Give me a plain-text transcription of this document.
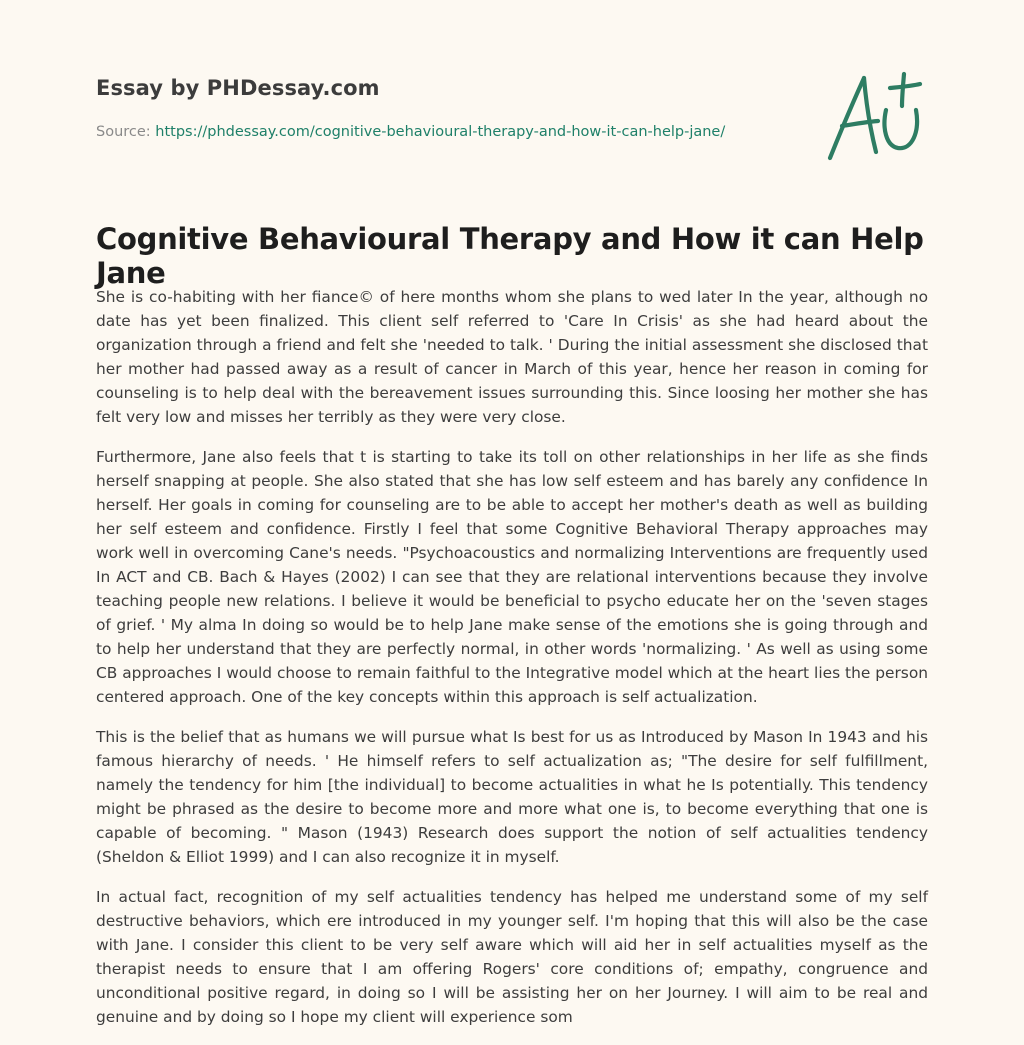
Essay by PHDessay.com
Source: https://phdessay.com/cognitive-behavioural-therapy-and-how-it-can-help-jane/
Cognitive Behavioural Therapy and How it can Help Jane

She is co-habiting with her fiance© of here months whom she plans to wed later In the year, although no date has yet been finalized. This client self referred to 'Care In Crisis' as she had heard about the organization through a friend and felt she 'needed to talk. ' During the initial assessment she disclosed that her mother had passed away as a result of cancer in March of this year, hence her reason in coming for counseling is to help deal with the bereavement issues surrounding this. Since loosing her mother she has felt very low and misses her terribly as they were very close.

Furthermore, Jane also feels that t is starting to take its toll on other relationships in her life as she finds herself snapping at people. She also stated that she has low self esteem and has barely any confidence In herself. Her goals in coming for counseling are to be able to accept her mother's death as well as building her self esteem and confidence. Firstly I feel that some Cognitive Behavioral Therapy approaches may work well in overcoming Cane's needs. "Psychoacoustics and normalizing Interventions are frequently used In ACT and CB. Bach & Hayes (2002) I can see that they are relational interventions because they involve teaching people new relations. I believe it would be beneficial to psycho educate her on the 'seven stages of grief. ' My alma In doing so would be to help Jane make sense of the emotions she is going through and to help her understand that they are perfectly normal, in other words 'normalizing. ' As well as using some CB approaches I would choose to remain faithful to the Integrative model which at the heart lies the person centered approach. One of the key concepts within this approach is self actualization.

This is the belief that as humans we will pursue what Is best for us as Introduced by Mason In 1943 and his famous hierarchy of needs. ' He himself refers to self actualization as; "The desire for self fulfillment, namely the tendency for him [the individual] to become actualities in what he Is potentially. This tendency might be phrased as the desire to become more and more what one is, to become everything that one is capable of becoming. " Mason (1943) Research does support the notion of self actualities tendency (Sheldon & Elliot 1999) and I can also recognize it in myself.

In actual fact, recognition of my self actualities tendency has helped me understand some of my self destructive behaviors, which ere introduced in my younger self. I'm hoping that this will also be the case with Jane. I consider this client to be very self aware which will aid her in self actualities myself as the therapist needs to ensure that I am offering Rogers' core conditions of; empathy, congruence and unconditional positive regard, in doing so I will be assisting her on her Journey. I will aim to be real and genuine and by doing so I hope my client will experience som
